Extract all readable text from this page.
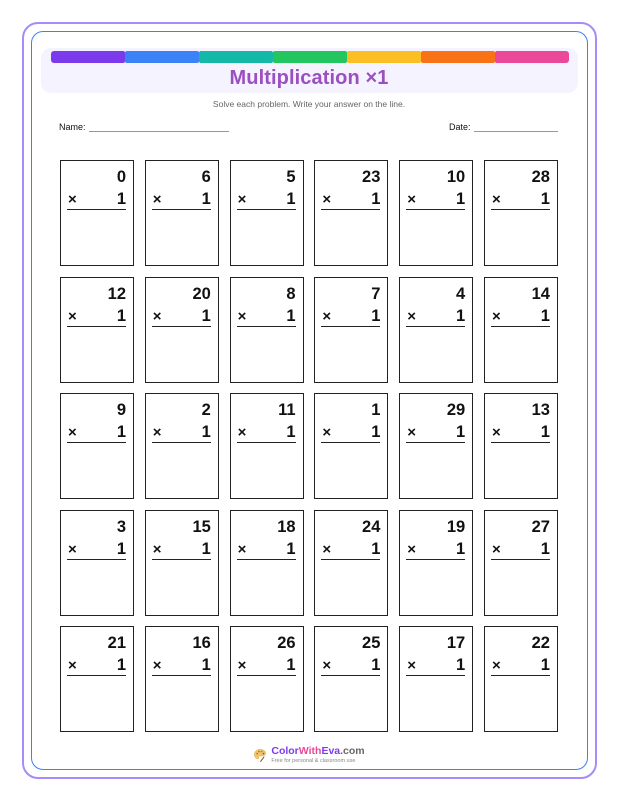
Multiplication ×1
Solve each problem. Write your answer on the line.
Name:	Date:
0
× 1
6
× 1
5
× 1
23
× 1
10
× 1
28
× 1
12
× 1
20
× 1
8
× 1
7
× 1
4
× 1
14
× 1
9
× 1
2
× 1
11
× 1
1
× 1
29
× 1
13
× 1
3
× 1
15
× 1
18
× 1
24
× 1
19
× 1
27
× 1
21
× 1
16
× 1
26
× 1
25
× 1
17
× 1
22
× 1
ColorWithEva.com
Free for personal & classroom use
